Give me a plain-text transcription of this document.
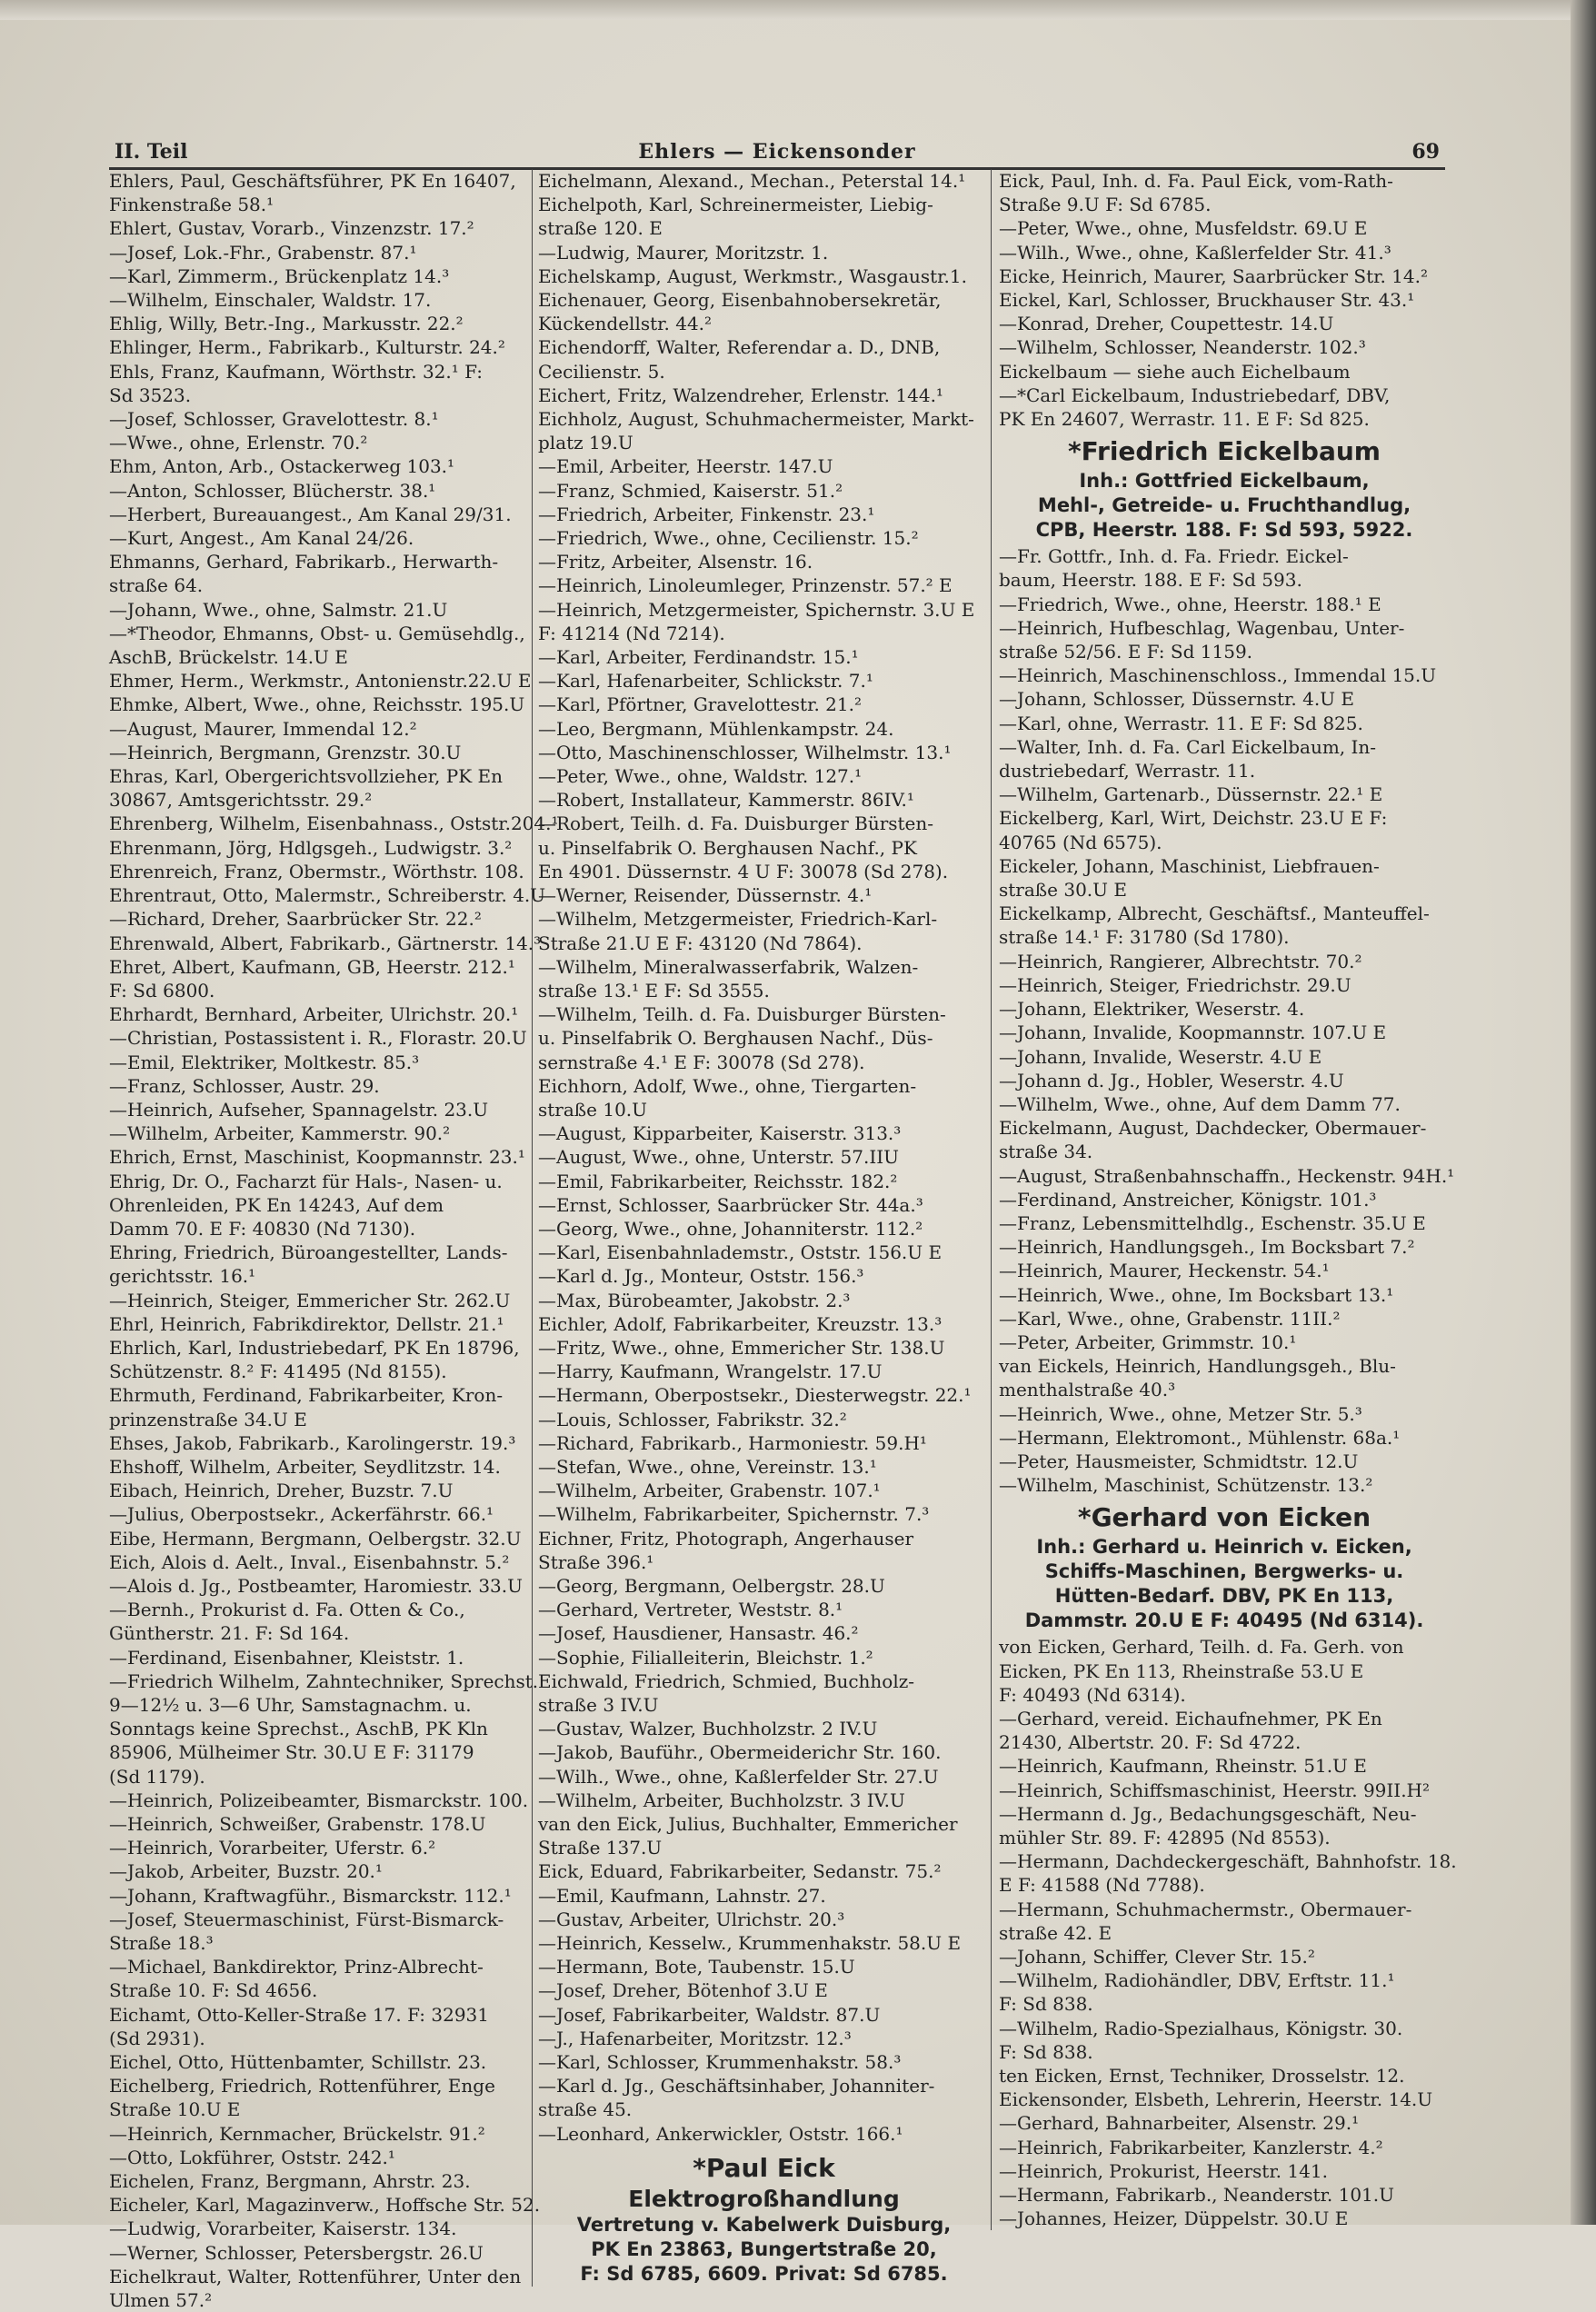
II. Teil	Ehlers — Eickensonder	69
Ehlers, Paul, Geschäftsführer, PK En 16407,
Finkenstraße 58.¹
Ehlert, Gustav, Vorarb., Vinzenzstr. 17.²
—Josef, Lok.-Fhr., Grabenstr. 87.¹
—Karl, Zimmerm., Brückenplatz 14.³
—Wilhelm, Einschaler, Waldstr. 17.
Ehlig, Willy, Betr.-Ing., Markusstr. 22.²
Ehlinger, Herm., Fabrikarb., Kulturstr. 24.²
Ehls, Franz, Kaufmann, Wörthstr. 32.¹ F:
Sd 3523.
—Josef, Schlosser, Gravelottestr. 8.¹
—Wwe., ohne, Erlenstr. 70.²
Ehm, Anton, Arb., Ostackerweg 103.¹
—Anton, Schlosser, Blücherstr. 38.¹
—Herbert, Bureauangest., Am Kanal 29/31.
—Kurt, Angest., Am Kanal 24/26.
Ehmanns, Gerhard, Fabrikarb., Herwarth-
straße 64.
—Johann, Wwe., ohne, Salmstr. 21.U
—*Theodor, Ehmanns, Obst- u. Gemüsehdlg.,
AschB, Brückelstr. 14.U E
Ehmer, Herm., Werkmstr., Antonienstr.22.U E
Ehmke, Albert, Wwe., ohne, Reichsstr. 195.U
—August, Maurer, Immendal 12.²
—Heinrich, Bergmann, Grenzstr. 30.U
Ehras, Karl, Obergerichtsvollzieher, PK En
30867, Amtsgerichtsstr. 29.²
Ehrenberg, Wilhelm, Eisenbahnass., Oststr.204.¹
Ehrenmann, Jörg, Hdlgsgeh., Ludwigstr. 3.²
Ehrenreich, Franz, Obermstr., Wörthstr. 108.
Ehrentraut, Otto, Malermstr., Schreiberstr. 4.U
—Richard, Dreher, Saarbrücker Str. 22.²
Ehrenwald, Albert, Fabrikarb., Gärtnerstr. 14.³
Ehret, Albert, Kaufmann, GB, Heerstr. 212.¹
F: Sd 6800.
Ehrhardt, Bernhard, Arbeiter, Ulrichstr. 20.¹
—Christian, Postassistent i. R., Florastr. 20.U
—Emil, Elektriker, Moltkestr. 85.³
—Franz, Schlosser, Austr. 29.
—Heinrich, Aufseher, Spannagelstr. 23.U
—Wilhelm, Arbeiter, Kammerstr. 90.²
Ehrich, Ernst, Maschinist, Koopmannstr. 23.¹
Ehrig, Dr. O., Facharzt für Hals-, Nasen- u.
Ohrenleiden, PK En 14243, Auf dem
Damm 70. E F: 40830 (Nd 7130).
Ehring, Friedrich, Büroangestellter, Lands-
gerichtsstr. 16.¹
—Heinrich, Steiger, Emmericher Str. 262.U
Ehrl, Heinrich, Fabrikdirektor, Dellstr. 21.¹
Ehrlich, Karl, Industriebedarf, PK En 18796,
Schützenstr. 8.² F: 41495 (Nd 8155).
Ehrmuth, Ferdinand, Fabrikarbeiter, Kron-
prinzenstraße 34.U E
Ehses, Jakob, Fabrikarb., Karolingerstr. 19.³
Ehshoff, Wilhelm, Arbeiter, Seydlitzstr. 14.
Eibach, Heinrich, Dreher, Buzstr. 7.U
—Julius, Oberpostsekr., Ackerfährstr. 66.¹
Eibe, Hermann, Bergmann, Oelbergstr. 32.U
Eich, Alois d. Aelt., Inval., Eisenbahnstr. 5.²
—Alois d. Jg., Postbeamter, Haromiestr. 33.U
—Bernh., Prokurist d. Fa. Otten & Co.,
Güntherstr. 21. F: Sd 164.
—Ferdinand, Eisenbahner, Kleiststr. 1.
—Friedrich Wilhelm, Zahntechniker, Sprechst.
9—12½ u. 3—6 Uhr, Samstagnachm. u.
Sonntags keine Sprechst., AschB, PK Kln
85906, Mülheimer Str. 30.U E F: 31179
(Sd 1179).
—Heinrich, Polizeibeamter, Bismarckstr. 100.
—Heinrich, Schweißer, Grabenstr. 178.U
—Heinrich, Vorarbeiter, Uferstr. 6.²
—Jakob, Arbeiter, Buzstr. 20.¹
—Johann, Kraftwagführ., Bismarckstr. 112.¹
—Josef, Steuermaschinist, Fürst-Bismarck-
Straße 18.³
—Michael, Bankdirektor, Prinz-Albrecht-
Straße 10. F: Sd 4656.
Eichamt, Otto-Keller-Straße 17. F: 32931
(Sd 2931).
Eichel, Otto, Hüttenbamter, Schillstr. 23.
Eichelberg, Friedrich, Rottenführer, Enge
Straße 10.U E
—Heinrich, Kernmacher, Brückelstr. 91.²
—Otto, Lokführer, Oststr. 242.¹
Eichelen, Franz, Bergmann, Ahrstr. 23.
Eicheler, Karl, Magazinverw., Hoffsche Str. 52.
—Ludwig, Vorarbeiter, Kaiserstr. 134.
—Werner, Schlosser, Petersbergstr. 26.U
Eichelkraut, Walter, Rottenführer, Unter den
Ulmen 57.²
Eichelmann, Alexand., Mechan., Peterstal 14.¹
Eichelpoth, Karl, Schreinermeister, Liebig-
straße 120. E
—Ludwig, Maurer, Moritzstr. 1.
Eichelskamp, August, Werkmstr., Wasgaustr.1.
Eichenauer, Georg, Eisenbahnobersekretär,
Kückendellstr. 44.²
Eichendorff, Walter, Referendar a. D., DNB,
Cecilienstr. 5.
Eichert, Fritz, Walzendreher, Erlenstr. 144.¹
Eichholz, August, Schuhmachermeister, Markt-
platz 19.U
—Emil, Arbeiter, Heerstr. 147.U
—Franz, Schmied, Kaiserstr. 51.²
—Friedrich, Arbeiter, Finkenstr. 23.¹
—Friedrich, Wwe., ohne, Cecilienstr. 15.²
—Fritz, Arbeiter, Alsenstr. 16.
—Heinrich, Linoleumleger, Prinzenstr. 57.² E
—Heinrich, Metzgermeister, Spichernstr. 3.U E
F: 41214 (Nd 7214).
—Karl, Arbeiter, Ferdinandstr. 15.¹
—Karl, Hafenarbeiter, Schlickstr. 7.¹
—Karl, Pförtner, Gravelottestr. 21.²
—Leo, Bergmann, Mühlenkampstr. 24.
—Otto, Maschinenschlosser, Wilhelmstr. 13.¹
—Peter, Wwe., ohne, Waldstr. 127.¹
—Robert, Installateur, Kammerstr. 86IV.¹
—Robert, Teilh. d. Fa. Duisburger Bürsten-
u. Pinselfabrik O. Berghausen Nachf., PK
En 4901. Düssernstr. 4 U F: 30078 (Sd 278).
—Werner, Reisender, Düssernstr. 4.¹
—Wilhelm, Metzgermeister, Friedrich-Karl-
Straße 21.U E F: 43120 (Nd 7864).
—Wilhelm, Mineralwasserfabrik, Walzen-
straße 13.¹ E F: Sd 3555.
—Wilhelm, Teilh. d. Fa. Duisburger Bürsten-
u. Pinselfabrik O. Berghausen Nachf., Düs-
sernstraße 4.¹ E F: 30078 (Sd 278).
Eichhorn, Adolf, Wwe., ohne, Tiergarten-
straße 10.U
—August, Kipparbeiter, Kaiserstr. 313.³
—August, Wwe., ohne, Unterstr. 57.IIU
—Emil, Fabrikarbeiter, Reichsstr. 182.²
—Ernst, Schlosser, Saarbrücker Str. 44a.³
—Georg, Wwe., ohne, Johanniterstr. 112.²
—Karl, Eisenbahnlademstr., Oststr. 156.U E
—Karl d. Jg., Monteur, Oststr. 156.³
—Max, Bürobeamter, Jakobstr. 2.³
Eichler, Adolf, Fabrikarbeiter, Kreuzstr. 13.³
—Fritz, Wwe., ohne, Emmericher Str. 138.U
—Harry, Kaufmann, Wrangelstr. 17.U
—Hermann, Oberpostsekr., Diesterwegstr. 22.¹
—Louis, Schlosser, Fabrikstr. 32.²
—Richard, Fabrikarb., Harmoniestr. 59.H¹
—Stefan, Wwe., ohne, Vereinstr. 13.¹
—Wilhelm, Arbeiter, Grabenstr. 107.¹
—Wilhelm, Fabrikarbeiter, Spichernstr. 7.³
Eichner, Fritz, Photograph, Angerhauser
Straße 396.¹
—Georg, Bergmann, Oelbergstr. 28.U
—Gerhard, Vertreter, Weststr. 8.¹
—Josef, Hausdiener, Hansastr. 46.²
—Sophie, Filialleiterin, Bleichstr. 1.²
Eichwald, Friedrich, Schmied, Buchholz-
straße 3 IV.U
—Gustav, Walzer, Buchholzstr. 2 IV.U
—Jakob, Bauführ., Obermeiderichr Str. 160.
—Wilh., Wwe., ohne, Kaßlerfelder Str. 27.U
—Wilhelm, Arbeiter, Buchholzstr. 3 IV.U
van den Eick, Julius, Buchhalter, Emmericher
Straße 137.U
Eick, Eduard, Fabrikarbeiter, Sedanstr. 75.²
—Emil, Kaufmann, Lahnstr. 27.
—Gustav, Arbeiter, Ulrichstr. 20.³
—Heinrich, Kesselw., Krummenhakstr. 58.U E
—Hermann, Bote, Taubenstr. 15.U
—Josef, Dreher, Bötenhof 3.U E
—Josef, Fabrikarbeiter, Waldstr. 87.U
—J., Hafenarbeiter, Moritzstr. 12.³
—Karl, Schlosser, Krummenhakstr. 58.³
—Karl d. Jg., Geschäftsinhaber, Johanniter-
straße 45.
—Leonhard, Ankerwickler, Oststr. 166.¹
*Paul Eick
Elektrogroßhandlung
Vertretung v. Kabelwerk Duisburg,
PK En 23863, Bungertstraße 20,
F: Sd 6785, 6609. Privat: Sd 6785.
Eick, Paul, Inh. d. Fa. Paul Eick, vom-Rath-
Straße 9.U F: Sd 6785.
—Peter, Wwe., ohne, Musfeldstr. 69.U E
—Wilh., Wwe., ohne, Kaßlerfelder Str. 41.³
Eicke, Heinrich, Maurer, Saarbrücker Str. 14.²
Eickel, Karl, Schlosser, Bruckhauser Str. 43.¹
—Konrad, Dreher, Coupettestr. 14.U
—Wilhelm, Schlosser, Neanderstr. 102.³
Eickelbaum — siehe auch Eichelbaum
—*Carl Eickelbaum, Industriebedarf, DBV,
PK En 24607, Werrastr. 11. E F: Sd 825.
*Friedrich Eickelbaum
Inh.: Gottfried Eickelbaum,
Mehl-, Getreide- u. Fruchthandlug,
CPB, Heerstr. 188. F: Sd 593, 5922.
—Fr. Gottfr., Inh. d. Fa. Friedr. Eickel-
baum, Heerstr. 188. E F: Sd 593.
—Friedrich, Wwe., ohne, Heerstr. 188.¹ E
—Heinrich, Hufbeschlag, Wagenbau, Unter-
straße 52/56. E F: Sd 1159.
—Heinrich, Maschinenschloss., Immendal 15.U
—Johann, Schlosser, Düssernstr. 4.U E
—Karl, ohne, Werrastr. 11. E F: Sd 825.
—Walter, Inh. d. Fa. Carl Eickelbaum, In-
dustriebedarf, Werrastr. 11.
—Wilhelm, Gartenarb., Düssernstr. 22.¹ E
Eickelberg, Karl, Wirt, Deichstr. 23.U E F:
40765 (Nd 6575).
Eickeler, Johann, Maschinist, Liebfrauen-
straße 30.U E
Eickelkamp, Albrecht, Geschäftsf., Manteuffel-
straße 14.¹ F: 31780 (Sd 1780).
—Heinrich, Rangierer, Albrechtstr. 70.²
—Heinrich, Steiger, Friedrichstr. 29.U
—Johann, Elektriker, Weserstr. 4.
—Johann, Invalide, Koopmannstr. 107.U E
—Johann, Invalide, Weserstr. 4.U E
—Johann d. Jg., Hobler, Weserstr. 4.U
—Wilhelm, Wwe., ohne, Auf dem Damm 77.
Eickelmann, August, Dachdecker, Obermauer-
straße 34.
—August, Straßenbahnschaffn., Heckenstr. 94H.¹
—Ferdinand, Anstreicher, Königstr. 101.³
—Franz, Lebensmittelhdlg., Eschenstr. 35.U E
—Heinrich, Handlungsgeh., Im Bocksbart 7.²
—Heinrich, Maurer, Heckenstr. 54.¹
—Heinrich, Wwe., ohne, Im Bocksbart 13.¹
—Karl, Wwe., ohne, Grabenstr. 11II.²
—Peter, Arbeiter, Grimmstr. 10.¹
van Eickels, Heinrich, Handlungsgeh., Blu-
menthalstraße 40.³
—Heinrich, Wwe., ohne, Metzer Str. 5.³
—Hermann, Elektromont., Mühlenstr. 68a.¹
—Peter, Hausmeister, Schmidtstr. 12.U
—Wilhelm, Maschinist, Schützenstr. 13.²
*Gerhard von Eicken
Inh.: Gerhard u. Heinrich v. Eicken,
Schiffs-Maschinen, Bergwerks- u.
Hütten-Bedarf. DBV, PK En 113,
Dammstr. 20.U E F: 40495 (Nd 6314).
von Eicken, Gerhard, Teilh. d. Fa. Gerh. von
Eicken, PK En 113, Rheinstraße 53.U E
F: 40493 (Nd 6314).
—Gerhard, vereid. Eichaufnehmer, PK En
21430, Albertstr. 20. F: Sd 4722.
—Heinrich, Kaufmann, Rheinstr. 51.U E
—Heinrich, Schiffsmaschinist, Heerstr. 99II.H²
—Hermann d. Jg., Bedachungsgeschäft, Neu-
mühler Str. 89. F: 42895 (Nd 8553).
—Hermann, Dachdeckergeschäft, Bahnhofstr. 18.
E F: 41588 (Nd 7788).
—Hermann, Schuhmachermstr., Obermauer-
straße 42. E
—Johann, Schiffer, Clever Str. 15.²
—Wilhelm, Radiohändler, DBV, Erftstr. 11.¹
F: Sd 838.
—Wilhelm, Radio-Spezialhaus, Königstr. 30.
F: Sd 838.
ten Eicken, Ernst, Techniker, Drosselstr. 12.
Eickensonder, Elsbeth, Lehrerin, Heerstr. 14.U
—Gerhard, Bahnarbeiter, Alsenstr. 29.¹
—Heinrich, Fabrikarbeiter, Kanzlerstr. 4.²
—Heinrich, Prokurist, Heerstr. 141.
—Hermann, Fabrikarb., Neanderstr. 101.U
—Johannes, Heizer, Düppelstr. 30.U E
